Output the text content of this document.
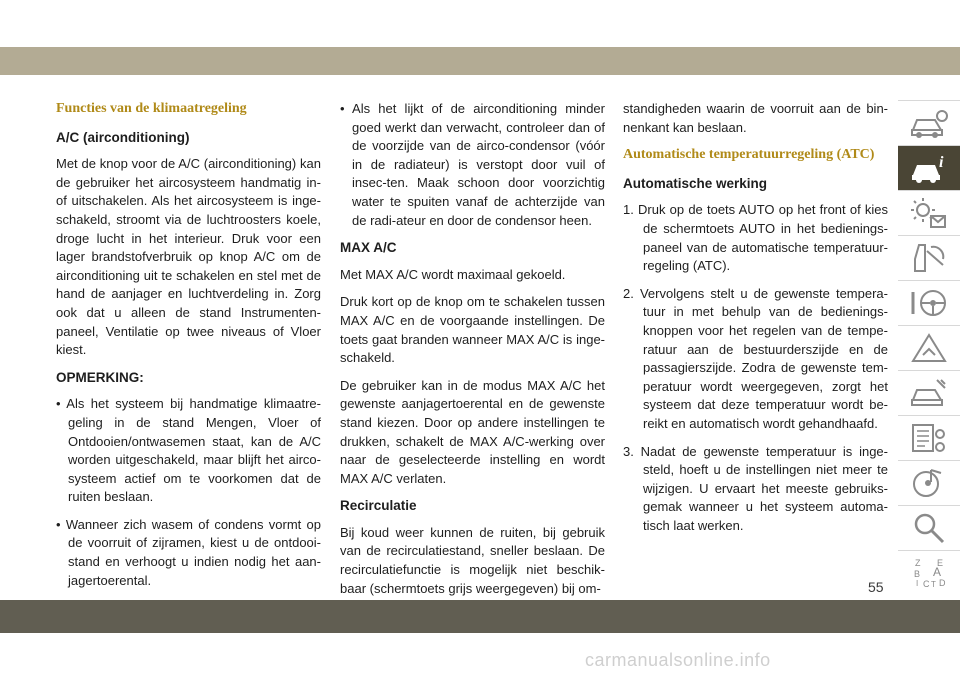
Functies van de klimaatregeling
A/C (airconditioning)

Met de knop voor de A/C (airconditioning) kan de gebruiker het aircosysteem handmatig in- of uitschakelen. Als het aircosysteem is inge-schakeld, stroomt via de luchtroosters koele, droge lucht in het interieur. Druk voor een lager brandstofverbruik op knop A/C om de airconditioning uit te schakelen en stel met de hand de aanjager en luchtverdeling in. Zorg ook dat u alleen de stand Instrumenten-paneel, Ventilatie op twee niveaus of Vloer kiest.

OPMERKING:

• Als het systeem bij handmatige klimaatre-geling in de stand Mengen, Vloer of Ontdooien/ontwasemen staat, kan de A/C worden uitgeschakeld, maar blijft het airco-systeem actief om te voorkomen dat de ruiten beslaan.

• Wanneer zich wasem of condens vormt op de voorruit of zijramen, kiest u de ontdooi-stand en verhoogt u indien nodig het aan-jagertoerental.

• Als het lijkt of de airconditioning minder goed werkt dan verwacht, controleer dan of de voorzijde van de airco-condensor (vóór in de radiateur) is verstopt door vuil of insec-ten. Maak schoon door voorzichtig water te spuiten vanaf de achterzijde van de radi-ateur en door de condensor heen.

MAX A/C

Met MAX A/C wordt maximaal gekoeld.

Druk kort op de knop om te schakelen tussen MAX A/C en de voorgaande instellingen. De toets gaat branden wanneer MAX A/C is inge-schakeld.

De gebruiker kan in de modus MAX A/C het gewenste aanjagertoerental en de gewenste stand kiezen. Door op andere instellingen te drukken, schakelt de MAX A/C-werking over naar de geselecteerde instelling en wordt MAX A/C verlaten.

Recirculatie

Bij koud weer kunnen de ruiten, bij gebruik van de recirculatiestand, sneller beslaan. De recirculatiefunctie is mogelijk niet beschik-baar (schermtoets grijs weergegeven) bij om-

standigheden waarin de voorruit aan de bin-nenkant kan beslaan.

Automatische temperatuurregeling (ATC)
Automatische werking

1. Druk op de toets AUTO op het front of kies de schermtoets AUTO in het bedienings-paneel van de automatische temperatuur-regeling (ATC).

2. Vervolgens stelt u de gewenste tempera-tuur in met behulp van de bedienings-knoppen voor het regelen van de tempe-ratuur aan de bestuurderszijde en de passagierszijde. Zodra de gewenste tem-peratuur wordt weergegeven, zorgt het systeem dat deze temperatuur wordt be-reikt en automatisch wordt gehandhaafd.

3. Nadat de gewenste temperatuur is inge-steld, hoeft u de instellingen niet meer te wijzigen. U ervaart het meeste gebruiks-gemak wanneer u het systeem automa-tisch laat werken.

i
Z E
B A
C D
I T
55
carmanualsonline.info
